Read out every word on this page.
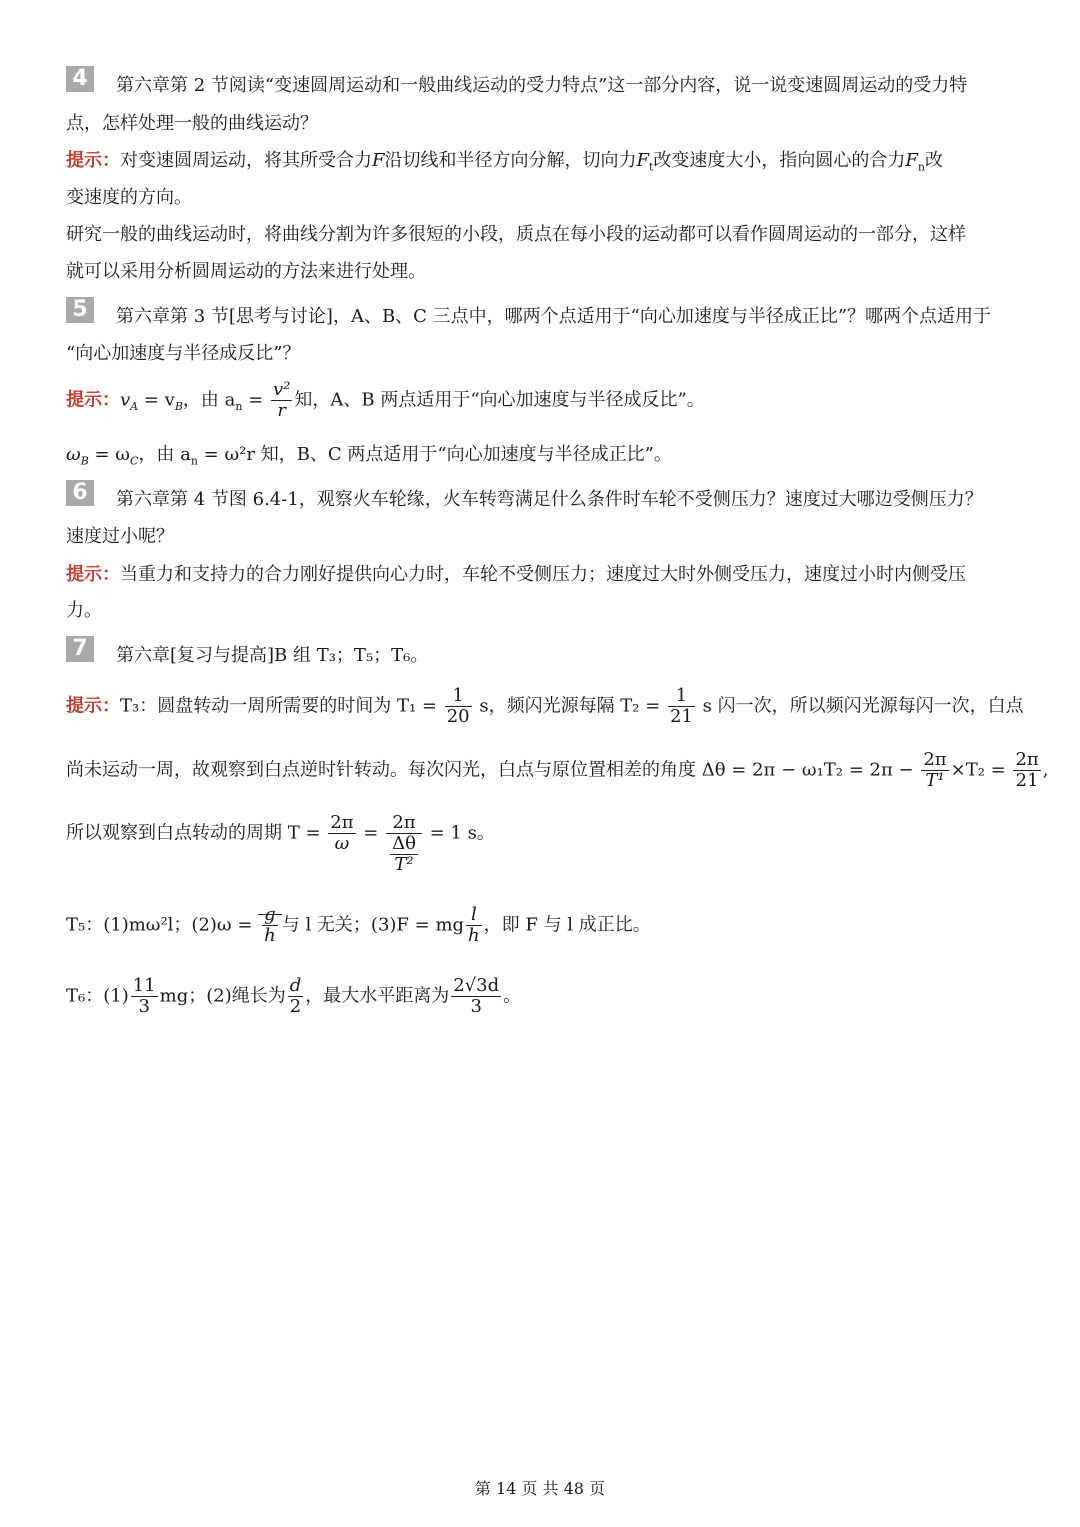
4	第六章第 2 节阅读“变速圆周运动和一般曲线运动的受力特点”这一部分内容，说一说变速圆周运动的受力特
点，怎样处理一般的曲线运动？
提示：对变速圆周运动，将其所受合力F沿切线和半径方向分解，切向力$F_t$改变速度大小，指向圆心的合力$F_n$改
变速度的方向。
研究一般的曲线运动时，将曲线分割为许多很短的小段，质点在每小段的运动都可以看作圆周运动的一部分，这样
就可以采用分析圆周运动的方法来进行处理。
5	第六章第 3 节[思考与讨论]，A、B、C 三点中，哪两个点适用于“向心加速度与半径成正比”？哪两个点适用于
“向心加速度与半径成反比”？
提示：$v_A = v_B$，由 $a_n = \frac{\text{v²}}{r}$ 知，A、B 两点适用于“向心加速度与半径成反比”。
$\omega_B = \omega_C$，由 $a_n = \omega^2r$ 知，B、C 两点适用于“向心加速度与半径成正比”。
6	第六章第 4 节图 6.4-1，观察火车轮缘，火车转弯满足什么条件时车轮不受侧压力？速度过大哪边受侧压力？
速度过小呢？
提示：当重力和支持力的合力刚好提供向心力时，车轮不受侧压力；速度过大时外侧受压力，速度过小时内侧受压
力。
7	第六章[复习与提高]B 组 T₃；T₅；T₆。
提示：T₃：圆盘转动一周所需要的时间为 $T_1 = \frac{1}{20}$ s，频闪光源每隔 $T_2 = \frac{1}{21}$ s 闪一次，所以频闪光源每闪一次，白点
尚未运动一周，故观察到白点逆时针转动。每次闪光，白点与原位置相差的角度 $\Delta\theta = 2\pi - \omega_1T_2 = 2\pi - \frac{2\pi}{\text{T¹}} \times T_2 = \frac{2\pi}{21}$ ,
所以观察到白点转动的周期 $T = \frac{2\pi}{\omega} = \frac{2\pi}{\frac{\Delta\theta}{\text{T²}}} = 1$ s。
T₅：(1)mω²l；$(2)\omega = \frac{g}{h}$ 与 l 无关；(3)F = mg $\frac{l}{h}$ ，即 F 与 l 成正比。
T₆：$(1) \frac{11}{3}$ mg；(2)绳长为 $\frac{d}{2}$ ，最大水平距离为 $\frac{2√3d}{3}$ 。
第 14 页 共 48 页
